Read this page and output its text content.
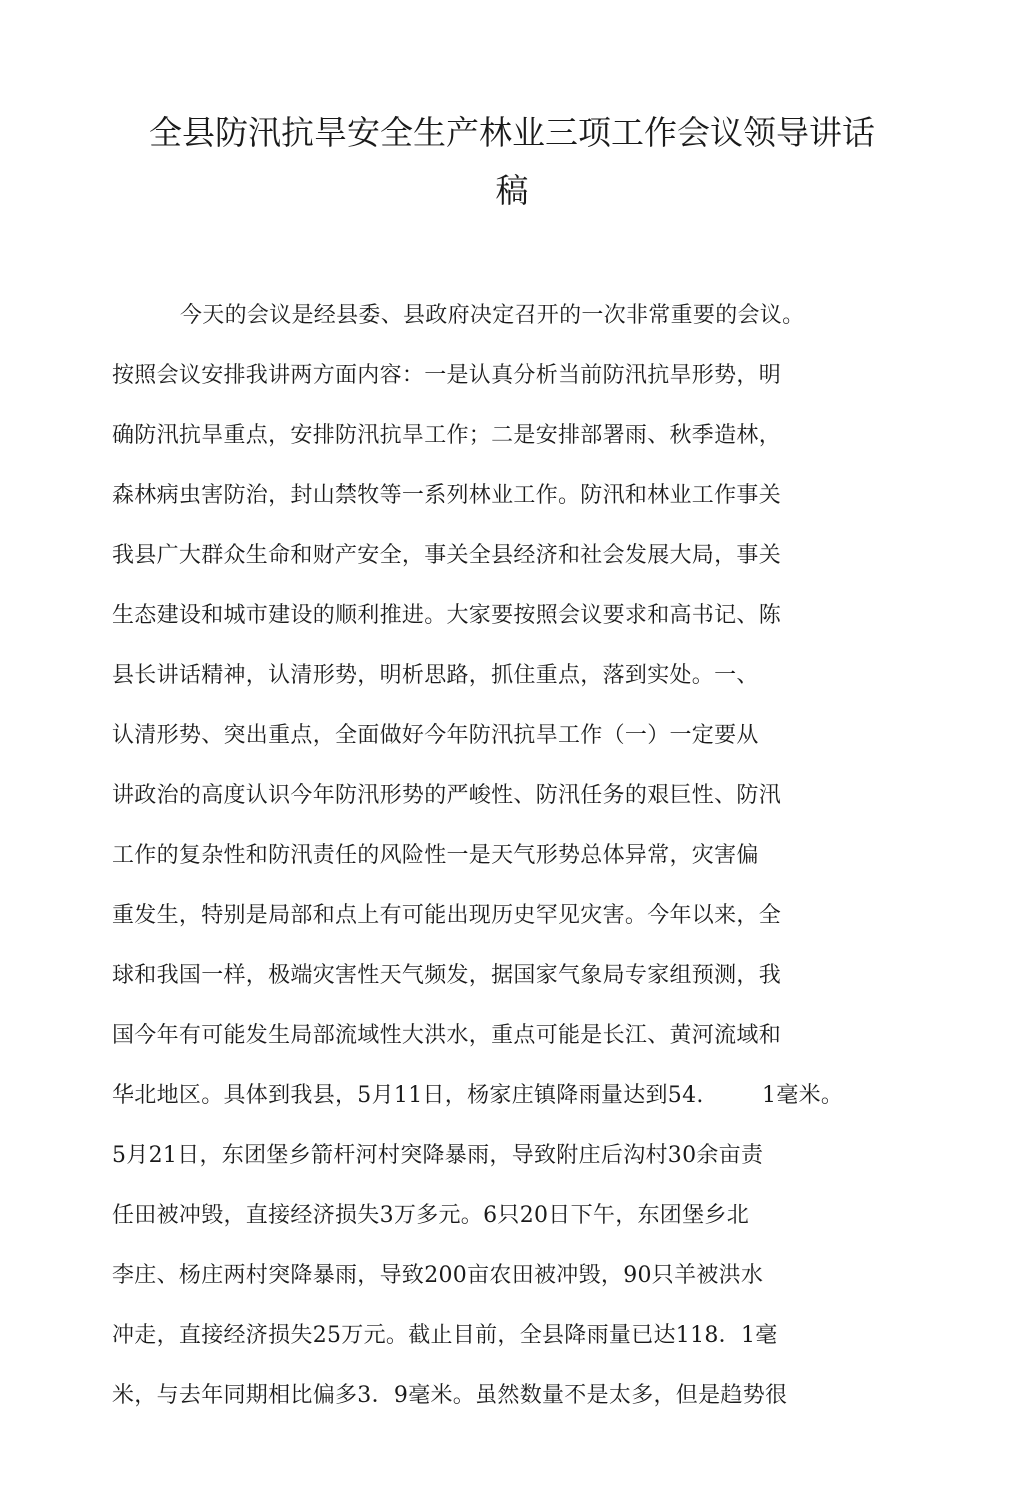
全县防汛抗旱安全生产林业三项工作会议领导讲话
稿
今天的会议是经县委、县政府决定召开的一次非常重要的会议。
按照会议安排我讲两方面内容：一是认真分析当前防汛抗旱形势，明
确防汛抗旱重点，安排防汛抗旱工作；二是安排部署雨、秋季造林，
森林病虫害防治，封山禁牧等一系列林业工作。防汛和林业工作事关
我县广大群众生命和财产安全，事关全县经济和社会发展大局，事关
生态建设和城市建设的顺利推进。大家要按照会议要求和高书记、陈
县长讲话精神，认清形势，明析思路，抓住重点，落到实处。一、
认清形势、突出重点，全面做好今年防汛抗旱工作（一）一定要从
讲政治的高度认识今年防汛形势的严峻性、防汛任务的艰巨性、防汛
工作的复杂性和防汛责任的风险性一是天气形势总体异常，灾害偏
重发生，特别是局部和点上有可能出现历史罕见灾害。今年以来，全
球和我国一样，极端灾害性天气频发，据国家气象局专家组预测，我
国今年有可能发生局部流域性大洪水，重点可能是长江、黄河流域和
华北地区。具体到我县，5月11日，杨家庄镇降雨量达到54.        1毫米。
5月21日，东团堡乡箭杆河村突降暴雨，导致附庄后沟村30余亩责
任田被冲毁，直接经济损失3万多元。6只20日下午，东团堡乡北
李庄、杨庄两村突降暴雨，导致200亩农田被冲毁，90只羊被洪水
冲走，直接经济损失25万元。截止目前，全县降雨量已达118．1毫
米，与去年同期相比偏多3．9毫米。虽然数量不是太多，但是趋势很
